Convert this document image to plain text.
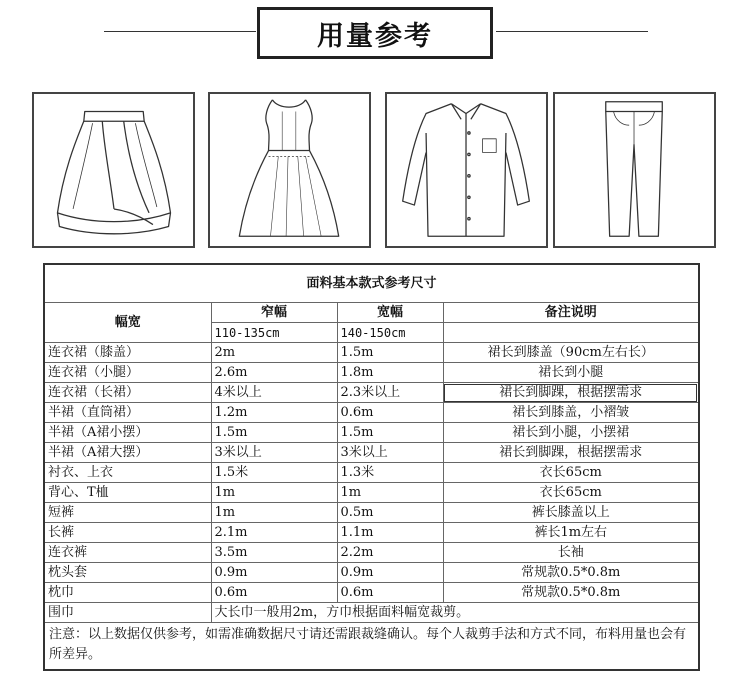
用量参考
面料基本款式参考尺寸			
幅宽	窄幅	宽幅	备注说明
	110-135cm	140-150cm	
连衣裙（膝盖）	2m	1.5m	裙长到膝盖（90cm左右长）
连衣裙（小腿）	2.6m	1.8m	裙长到小腿
连衣裙（长裙）	4米以上	2.3米以上	裙长到脚踝，根据摆需求
半裙（直筒裙）	1.2m	0.6m	裙长到膝盖，小褶皱
半裙（A裙小摆）	1.5m	1.5m	裙长到小腿，小摆裙
半裙（A裙大摆）	3米以上	3米以上	裙长到脚踝，根据摆需求
衬衣、上衣	1.5米	1.3米	衣长65cm
背心、T桖	1m	1m	衣长65cm
短裤	1m	0.5m	裤长膝盖以上
长裤	2.1m	1.1m	裤长1m左右
连衣裤	3.5m	2.2m	长袖
枕头套	0.9m	0.9m	常规款0.5*0.8m
枕巾	0.6m	0.6m	常规款0.5*0.8m
围巾	大长巾一般用2m，方巾根据面料幅宽裁剪。		
注意：以上数据仅供参考，如需准确数据尺寸请还需跟裁缝确认。每个人裁剪手法和方式不同，布料用量也会有所差异。			
